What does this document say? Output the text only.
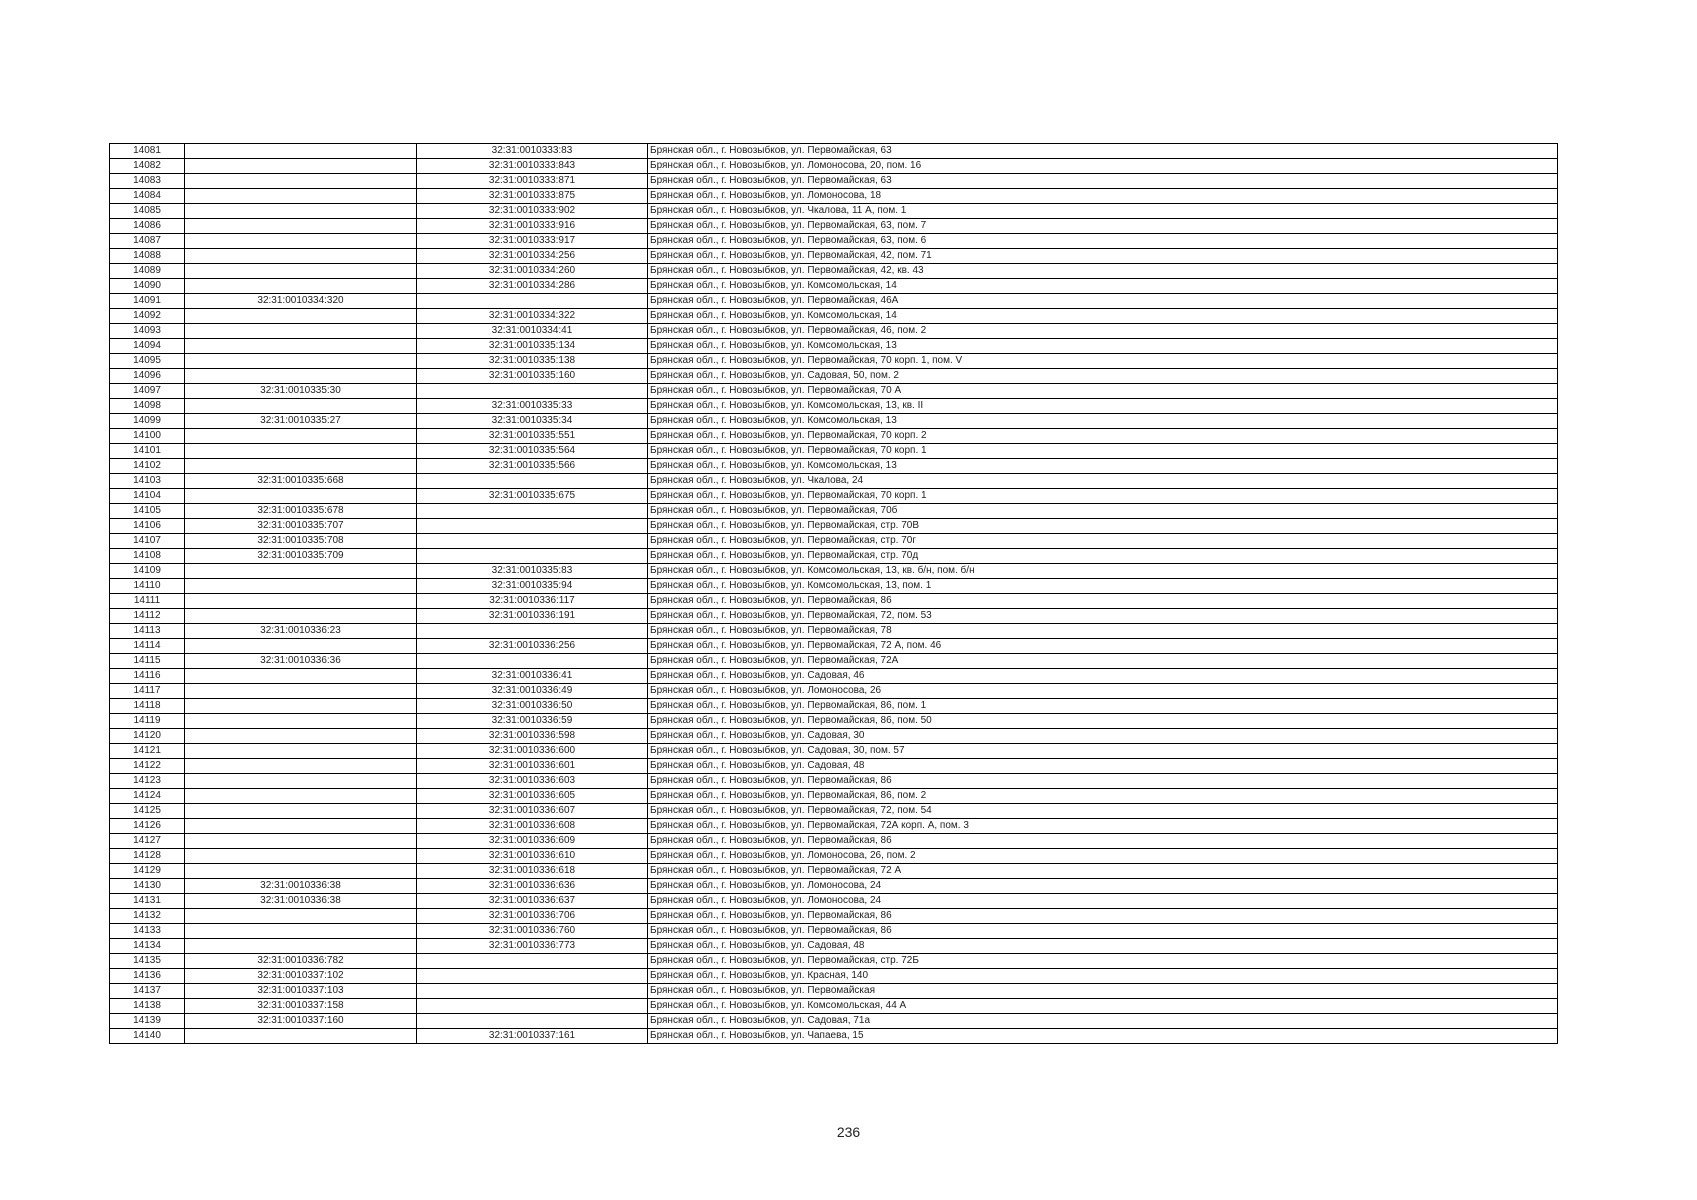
14081		32:31:0010333:83	Брянская обл., г. Новозыбков, ул. Первомайская, 63
14082		32:31:0010333:843	Брянская обл., г. Новозыбков, ул. Ломоносова, 20, пом. 16
14083		32:31:0010333:871	Брянская обл., г. Новозыбков, ул. Первомайская, 63
14084		32:31:0010333:875	Брянская обл., г. Новозыбков, ул. Ломоносова, 18
14085		32:31:0010333:902	Брянская обл., г. Новозыбков, ул. Чкалова, 11 А, пом. 1
14086		32:31:0010333:916	Брянская обл., г. Новозыбков, ул. Первомайская, 63, пом. 7
14087		32:31:0010333:917	Брянская обл., г. Новозыбков, ул. Первомайская, 63, пом. 6
14088		32:31:0010334:256	Брянская обл., г. Новозыбков, ул. Первомайская, 42, пом. 71
14089		32:31:0010334:260	Брянская обл., г. Новозыбков, ул. Первомайская, 42, кв. 43
14090		32:31:0010334:286	Брянская обл., г. Новозыбков, ул. Комсомольская, 14
14091	32:31:0010334:320		Брянская обл., г. Новозыбков, ул. Первомайская, 46А
14092		32:31:0010334:322	Брянская обл., г. Новозыбков, ул. Комсомольская, 14
14093		32:31:0010334:41	Брянская обл., г. Новозыбков, ул. Первомайская, 46, пом. 2
14094		32:31:0010335:134	Брянская обл., г. Новозыбков, ул. Комсомольская, 13
14095		32:31:0010335:138	Брянская обл., г. Новозыбков, ул. Первомайская, 70 корп. 1, пом. V
14096		32:31:0010335:160	Брянская обл., г. Новозыбков, ул. Садовая, 50, пом. 2
14097	32:31:0010335:30		Брянская обл., г. Новозыбков, ул. Первомайская, 70 А
14098		32:31:0010335:33	Брянская обл., г. Новозыбков, ул. Комсомольская, 13, кв. II
14099	32:31:0010335:27	32:31:0010335:34	Брянская обл., г. Новозыбков, ул. Комсомольская, 13
14100		32:31:0010335:551	Брянская обл., г. Новозыбков, ул. Первомайская, 70 корп. 2
14101		32:31:0010335:564	Брянская обл., г. Новозыбков, ул. Первомайская, 70 корп. 1
14102		32:31:0010335:566	Брянская обл., г. Новозыбков, ул. Комсомольская, 13
14103	32:31:0010335:668		Брянская обл., г. Новозыбков, ул. Чкалова, 24
14104		32:31:0010335:675	Брянская обл., г. Новозыбков, ул. Первомайская, 70 корп. 1
14105	32:31:0010335:678		Брянская обл., г. Новозыбков, ул. Первомайская, 70б
14106	32:31:0010335:707		Брянская обл., г. Новозыбков, ул. Первомайская, стр. 70В
14107	32:31:0010335:708		Брянская обл., г. Новозыбков, ул. Первомайская, стр. 70г
14108	32:31:0010335:709		Брянская обл., г. Новозыбков, ул. Первомайская, стр. 70д
14109		32:31:0010335:83	Брянская обл., г. Новозыбков, ул. Комсомольская, 13, кв. б/н, пом. б/н
14110		32:31:0010335:94	Брянская обл., г. Новозыбков, ул. Комсомольская, 13, пом. 1
14111		32:31:0010336:117	Брянская обл., г. Новозыбков, ул. Первомайская, 86
14112		32:31:0010336:191	Брянская обл., г. Новозыбков, ул. Первомайская, 72, пом. 53
14113	32:31:0010336:23		Брянская обл., г. Новозыбков, ул. Первомайская, 78
14114		32:31:0010336:256	Брянская обл., г. Новозыбков, ул. Первомайская, 72 А, пом. 46
14115	32:31:0010336:36		Брянская обл., г. Новозыбков, ул. Первомайская, 72А
14116		32:31:0010336:41	Брянская обл., г. Новозыбков, ул. Садовая, 46
14117		32:31:0010336:49	Брянская обл., г. Новозыбков, ул. Ломоносова, 26
14118		32:31:0010336:50	Брянская обл., г. Новозыбков, ул. Первомайская, 86, пом. 1
14119		32:31:0010336:59	Брянская обл., г. Новозыбков, ул. Первомайская, 86, пом. 50
14120		32:31:0010336:598	Брянская обл., г. Новозыбков, ул. Садовая, 30
14121		32:31:0010336:600	Брянская обл., г. Новозыбков, ул. Садовая, 30, пом. 57
14122		32:31:0010336:601	Брянская обл., г. Новозыбков, ул. Садовая, 48
14123		32:31:0010336:603	Брянская обл., г. Новозыбков, ул. Первомайская, 86
14124		32:31:0010336:605	Брянская обл., г. Новозыбков, ул. Первомайская, 86, пом. 2
14125		32:31:0010336:607	Брянская обл., г. Новозыбков, ул. Первомайская, 72, пом. 54
14126		32:31:0010336:608	Брянская обл., г. Новозыбков, ул. Первомайская, 72А корп. А, пом. 3
14127		32:31:0010336:609	Брянская обл., г. Новозыбков, ул. Первомайская, 86
14128		32:31:0010336:610	Брянская обл., г. Новозыбков, ул. Ломоносова, 26, пом. 2
14129		32:31:0010336:618	Брянская обл., г. Новозыбков, ул. Первомайская, 72 А
14130	32:31:0010336:38	32:31:0010336:636	Брянская обл., г. Новозыбков, ул. Ломоносова, 24
14131	32:31:0010336:38	32:31:0010336:637	Брянская обл., г. Новозыбков, ул. Ломоносова, 24
14132		32:31:0010336:706	Брянская обл., г. Новозыбков, ул. Первомайская, 86
14133		32:31:0010336:760	Брянская обл., г. Новозыбков, ул. Первомайская, 86
14134		32:31:0010336:773	Брянская обл., г. Новозыбков, ул. Садовая, 48
14135	32:31:0010336:782		Брянская обл., г. Новозыбков, ул. Первомайская, стр. 72Б
14136	32:31:0010337:102		Брянская обл., г. Новозыбков, ул. Красная, 140
14137	32:31:0010337:103		Брянская обл., г. Новозыбков, ул. Первомайская
14138	32:31:0010337:158		Брянская обл., г. Новозыбков, ул. Комсомольская, 44 А
14139	32:31:0010337:160		Брянская обл., г. Новозыбков, ул. Садовая, 71а
14140		32:31:0010337:161	Брянская обл., г. Новозыбков, ул. Чапаева, 15
236
